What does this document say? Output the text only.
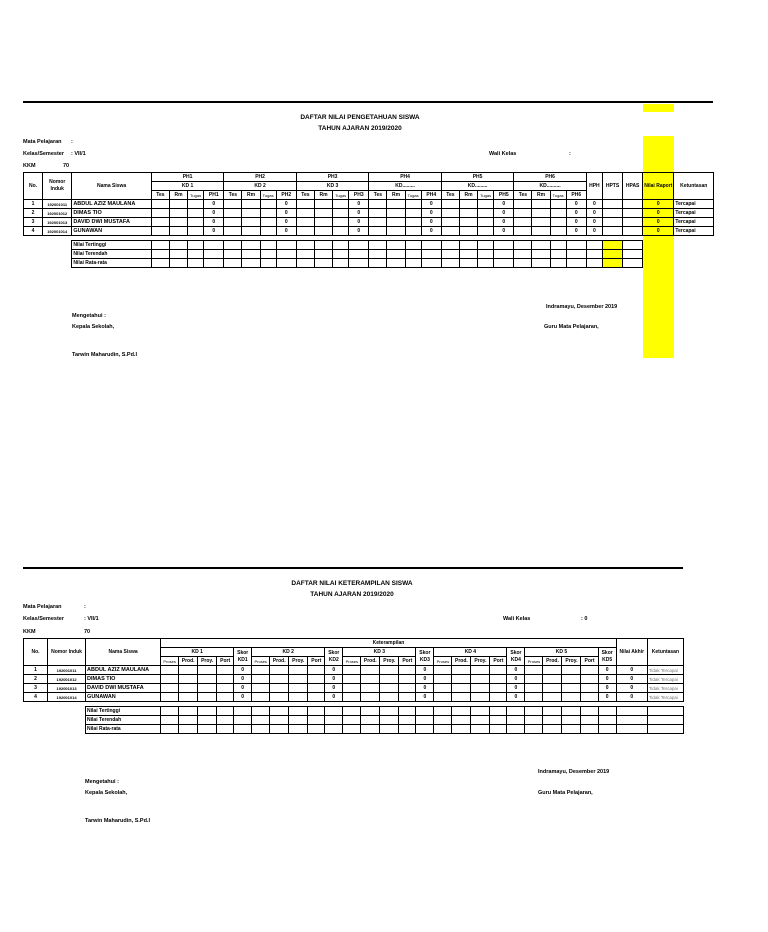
DAFTAR NILAI PENGETAHUAN SISWA
TAHUN AJARAN 2019/2020
Mata Pelajaran :
Kelas/Semester : VII/1	Wali Kelas	:
KKM	70
No.	Nomor Induk	Nama Siswa	PH1				PH2				PH3				PH4				PH5				PH6				HPH	HPTS	HPAS	Nilai Raport	Ketuntasan
			KD 1				KD 2				KD 3				KD.........				KD.........				KD..........								
			Tes	Rm	Tugas	PH1	Tes	Rm	Tugas	PH2	Tes	Rm	Tugas	PH3	Tes	Rm	Tugas	PH4	Tes	Rm	Tugas	PH5	Tes	Rm	Tugas	PH6					
1	192001011	ABDUL AZIZ MAULANA				0				0				0				0				0				0	0			0	Tercapai
2	192001012	DIMAS TIO				0				0				0				0				0				0	0			0	Tercapai
3	192001013	DAVID DWI MUSTAFA				0				0				0				0				0				0	0			0	Tercapai
4	192001014	GUNAWAN				0				0				0				0				0				0	0			0	Tercapai

		Nilai Tertinggi																													
		Nilai Terendah																													
		Nilai Rata-rata																													
Indramayu, Desember 2019
Mengetahui :
Kepala Sekolah,	Guru Mata Pelajaran,
Tarwin Maharudin, S.Pd.I
DAFTAR NILAI KETERAMPILAN SISWA
TAHUN AJARAN 2019/2020
Mata Pelajaran	:
Kelas/Semester	: VII/1	Wali Kelas	: 0
KKM	70
No.	Nomor Induk	Nama Siswa	Keterampilan																									Nilai Akhir	Ketuntasan
			KD 1				Skor KD1	KD 2				Skor KD2	KD 3				Skor KD3	KD 4				Skor KD4	KD 5				Skor KD5		
			Proses	Prod.	Proy.	Port		Proses	Prod.	Proy.	Port		Proses	Prod.	Proy.	Port		Proses	Prod.	Proy.	Port		Proses	Prod.	Proy.	Port			
1	192001011	ABDUL AZIZ MAULANA					0					0					0					0					0	0	Tidak Tercapai
2	192001012	DIMAS TIO					0					0					0					0					0	0	Tidak Tercapai
3	192001013	DAVID DWI MUSTAFA					0					0					0					0					0	0	Tidak Tercapai
4	192001014	GUNAWAN					0					0					0					0					0	0	Tidak Tercapai

		Nilai Tertinggi																											
		Nilai Terendah																											
		Nilai Rata-rata																											
Indramayu, Desember 2019
Mengetahui :
Kepala Sekolah,	Guru Mata Pelajaran,
Tarwin Maharudin, S.Pd.I
